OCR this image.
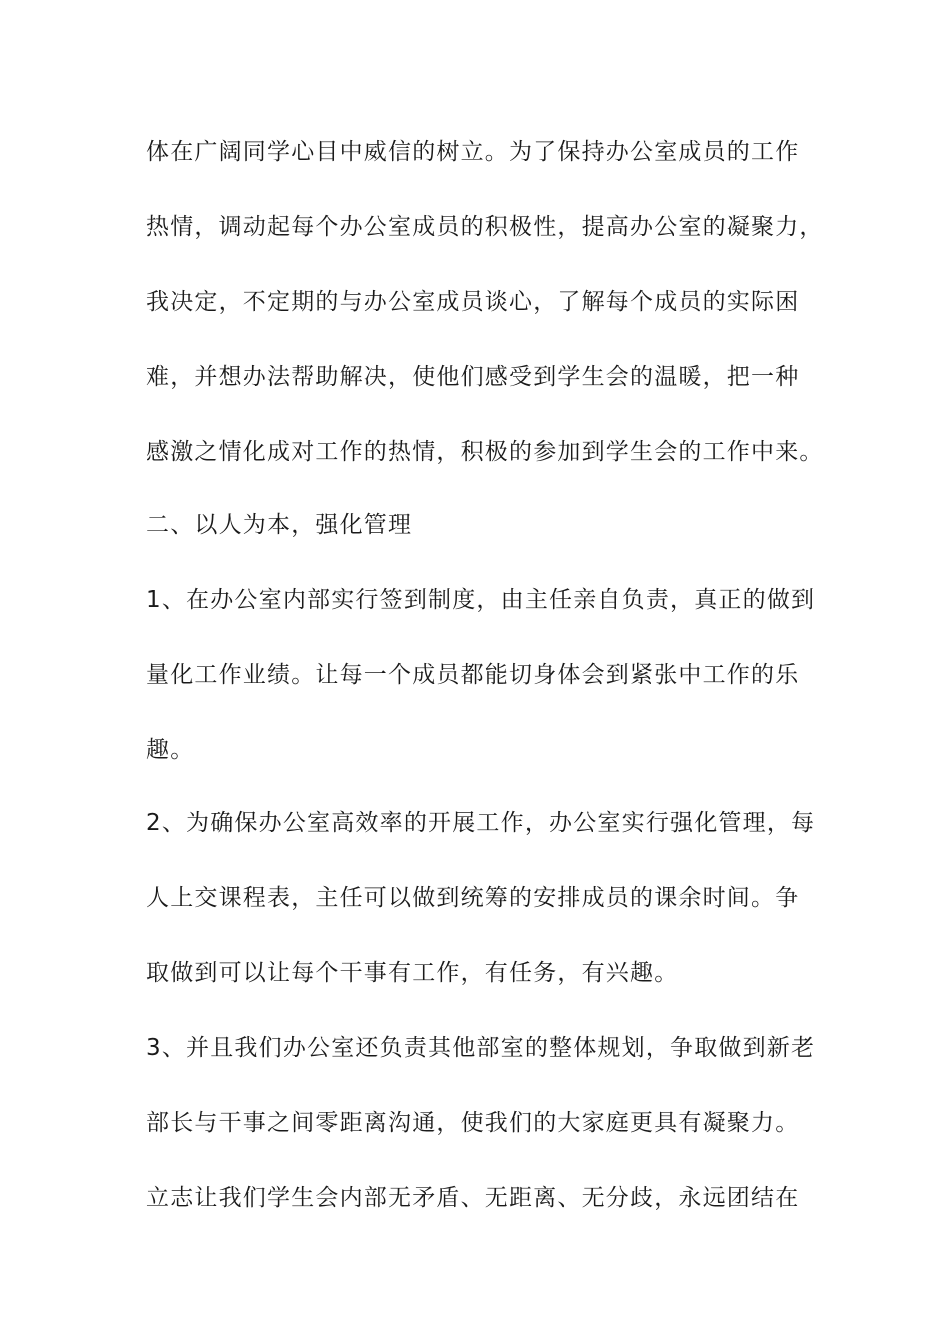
体在广阔同学心目中威信的树立。为了保持办公室成员的工作
热情，调动起每个办公室成员的积极性，提高办公室的凝聚力，
我决定，不定期的与办公室成员谈心，了解每个成员的实际困
难，并想办法帮助解决，使他们感受到学生会的温暖，把一种
感激之情化成对工作的热情，积极的参加到学生会的工作中来。
二、以人为本，强化管理
1、在办公室内部实行签到制度，由主任亲自负责，真正的做到
量化工作业绩。让每一个成员都能切身体会到紧张中工作的乐
趣。
2、为确保办公室高效率的开展工作，办公室实行强化管理，每
人上交课程表，主任可以做到统筹的安排成员的课余时间。争
取做到可以让每个干事有工作，有任务，有兴趣。
3、并且我们办公室还负责其他部室的整体规划，争取做到新老
部长与干事之间零距离沟通，使我们的大家庭更具有凝聚力。
立志让我们学生会内部无矛盾、无距离、无分歧，永远团结在
